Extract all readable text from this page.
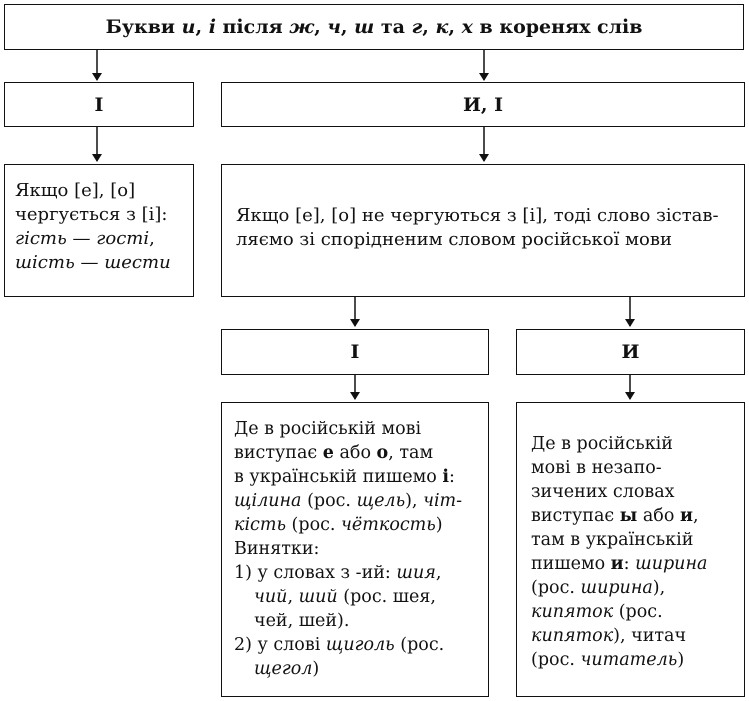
Букви и, і після ж, ч, ш та г, к, х в коренях слів
І	И, І
Якщо [е], [о]
чергується з [і]:
гість — гості,
шість — шести
Якщо [е], [о] не чергуються з [і], тоді слово зістав-
ляємо зі спорідненим словом російської мови
І	И
Де в російській мові
виступає е або о, там
в українській пишемо і:
щілина (рос. щель), чіт-
кість (рос. чёткость)
Винятки:
1) у словах з -ий: шия,
чий, ший (рос. шея,
чей, шей).
2) у слові щиголь (рос.
щегол)
Де в російській
мові в незапо-
зичених словах
виступає ы або и,
там в українській
пишемо и: ширина
(рос. ширина),
кипяток (рос.
кипяток), читач
(рос. читатель)
